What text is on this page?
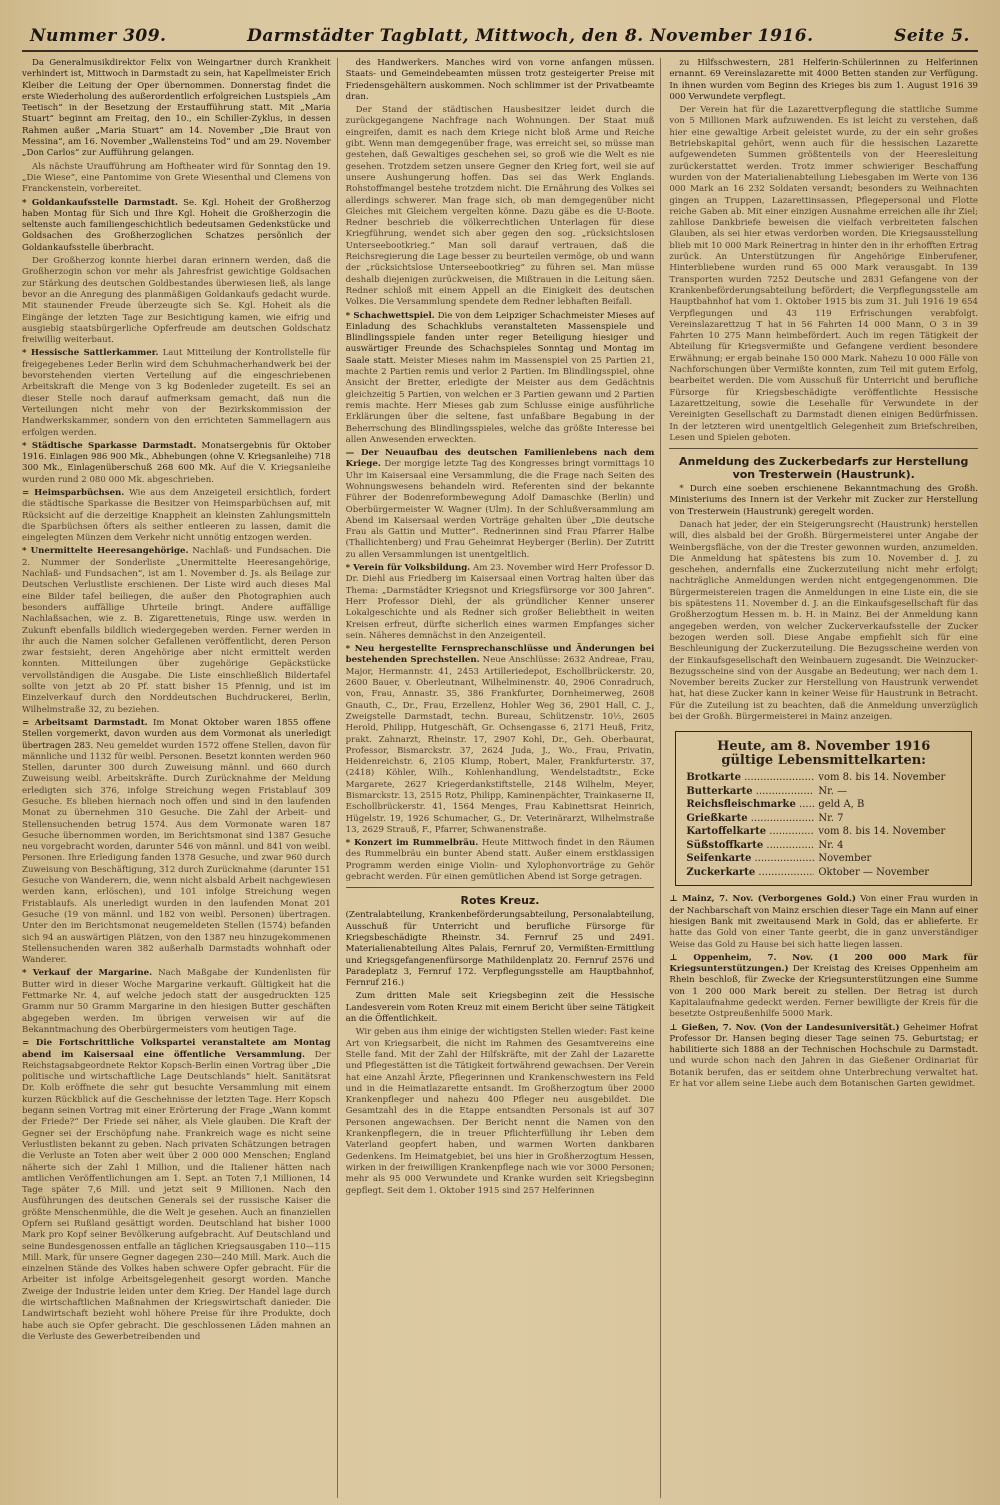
Nummer 309.	Darmstädter Tagblatt, Mittwoch, den 8. November 1916.	Seite 5.

Da Generalmusikdirektor Felix von Weingartner durch Krankheit verhindert ist, Mittwoch in Darmstadt zu sein, hat Kapellmeister Erich Kleiber die Leitung der Oper übernommen. Donnerstag findet die erste Wiederholung des außerordentlich erfolgreichen Lustspiels „Am Teetisch“ in der Besetzung der Erstaufführung statt. Mit „Maria Stuart“ beginnt am Freitag, den 10., ein Schiller-Zyklus, in dessen Rahmen außer „Maria Stuart“ am 14. November „Die Braut von Messina“, am 16. November „Wallensteins Tod“ und am 29. November „Don Carlos“ zur Aufführung gelangen.

Als nächste Uraufführung am Hoftheater wird für Sonntag den 19. „Die Wiese“, eine Pantomime von Grete Wiesenthal und Clemens von Franckenstein, vorbereitet.

* Goldankaufsstelle Darmstadt. Se. Kgl. Hoheit der Großherzog haben Montag für Sich und Ihre Kgl. Hoheit die Großherzogin die seltenste auch familiengeschichtlich bedeutsamen Gedenkstücke und Goldsachen des Großherzoglichen Schatzes persönlich der Goldankaufsstelle überbracht.

Der Großherzog konnte hierbei daran erinnern werden, daß die Großherzogin schon vor mehr als Jahresfrist gewichtige Goldsachen zur Stärkung des deutschen Goldbestandes überwiesen ließ, als lange bevor an die Anregung des planmäßigen Goldankaufs gedacht wurde. Mit staunender Freude überzeugte sich Se. Kgl. Hoheit als die Eingänge der letzten Tage zur Besichtigung kamen, wie eifrig und ausgiebig staatsbürgerliche Opferfreude am deutschen Goldschatz freiwillig weiterbaut.

* Hessische Sattlerkammer. Laut Mitteilung der Kontrollstelle für freigegebenes Leder Berlin wird dem Schuhmacherhandwerk bei der bevorstehenden vierten Verteilung auf die eingeschriebenen Arbeitskraft die Menge von 3 kg Bodenleder zugeteilt. Es sei an dieser Stelle noch darauf aufmerksam gemacht, daß nun die Verteilungen nicht mehr von der Bezirkskommission der Handwerkskammer, sondern von den errichteten Sammellagern aus erfolgen werden.

* Städtische Sparkasse Darmstadt. Monatsergebnis für Oktober 1916. Einlagen 986 900 Mk., Abhebungen (ohne V. Kriegsanleihe) 718 300 Mk., Einlagenüberschuß 268 600 Mk. Auf die V. Kriegsanleihe wurden rund 2 080 000 Mk. abgeschrieben.

= Heimsparbüchsen. Wie aus dem Anzeigeteil ersichtlich, fordert die städtische Sparkasse die Besitzer von Heimsparbüchsen auf, mit Rücksicht auf die derzeitige Knappheit an kleinsten Zahlungsmitteln die Sparbüchsen öfters als seither entleeren zu lassen, damit die eingelegten Münzen dem Verkehr nicht unnötig entzogen werden.

* Unermittelte Heeresangehörige. Nachlaß- und Fundsachen. Die 2. Nummer der Sonderliste „Unermittelte Heeresangehörige, Nachlaß- und Fundsachen“, ist am 1. November d. Js. als Beilage zur Deutschen Verlustliste erschienen. Der Liste wird auch dieses Mal eine Bilder tafel beiliegen, die außer den Photographien auch besonders auffällige Uhrteile bringt. Andere auffällige Nachlaßsachen, wie z. B. Zigarettenetuis, Ringe usw. werden in Zukunft ebenfalls bildlich wiedergegeben werden. Ferner werden in ihr auch die Namen solcher Gefallenen veröffentlicht, deren Person zwar festsieht, deren Angehörige aber nicht ermittelt werden konnten. Mitteilungen über zugehörige Gepäckstücke vervollständigen die Ausgabe. Die Liste einschließlich Bildertafel sollte von jetzt ab 20 Pf. statt bisher 15 Pfennig, und ist im Einzelverkauf durch den Norddeutschen Buchdruckerei, Berlin, Wilhelmstraße 32, zu beziehen.

= Arbeitsamt Darmstadt. Im Monat Oktober waren 1855 offene Stellen vorgemerkt, davon wurden aus dem Vormonat als unerledigt übertragen 283. Neu gemeldet wurden 1572 offene Stellen, davon für männliche und 1132 für weibl. Personen. Besetzt konnten werden 960 Stellen, darunter 300 durch Zuweisung männl. und 660 durch Zuweisung weibl. Arbeitskräfte. Durch Zurücknahme der Meldung erledigten sich 376, infolge Streichung wegen Fristablauf 309 Gesuche. Es blieben hiernach noch offen und sind in den laufenden Monat zu übernehmen 310 Gesuche. Die Zahl der Arbeit- und Stellensuchenden betrug 1574. Aus dem Vormonate waren 187 Gesuche übernommen worden, im Berichtsmonat sind 1387 Gesuche neu vorgebracht worden, darunter 546 von männl. und 841 von weibl. Personen. Ihre Erledigung fanden 1378 Gesuche, und zwar 960 durch Zuweisung von Beschäftigung, 312 durch Zurücknahme (darunter 151 Gesuche von Wanderern, die, wenn nicht alsbald Arbeit nachgewiesen werden kann, erlöschen), und 101 infolge Streichung wegen Fristablaufs. Als unerledigt wurden in den laufenden Monat 201 Gesuche (19 von männl. und 182 von weibl. Personen) übertragen. Unter den im Berichtsmonat neugemeldeten Stellen (1574) befanden sich 94 an auswärtigen Plätzen, von den 1387 neu hinzugekommenen Stellensuchenden waren 382 außerhalb Darmstadts wohnhaft oder Wanderer.

* Verkauf der Margarine. Nach Maßgabe der Kundenlisten für Butter wird in dieser Woche Margarine verkauft. Gültigkeit hat die Fettmarke Nr. 4, auf welche jedoch statt der ausgedruckten 125 Gramm nur 50 Gramm Margarine in den hiesigen Butter geschäften abgegeben werden. Im übrigen verweisen wir auf die Bekanntmachung des Oberbürgermeisters vom heutigen Tage.

= Die Fortschrittliche Volkspartei veranstaltete am Montag abend im Kaisersaal eine öffentliche Versammlung. Der Reichstagsabgeordnete Rektor Kopsch-Berlin einen Vortrag über „Die politische und wirtschaftliche Lage Deutschlands“ hielt. Sanitätsrat Dr. Kolb eröffnete die sehr gut besuchte Versammlung mit einem kurzen Rückblick auf die Geschehnisse der letzten Tage. Herr Kopsch begann seinen Vortrag mit einer Erörterung der Frage „Wann kommt der Friede?“ Der Friede sei näher, als Viele glauben. Die Kraft der Gegner sei der Erschöpfung nahe. Frankreich wage es nicht seine Verlustlisten bekannt zu geben. Nach privaten Schätzungen betragen die Verluste an Toten aber weit über 2 000 000 Menschen; England näherte sich der Zahl 1 Million, und die Italiener hätten nach amtlichen Veröffentlichungen am 1. Sept. an Toten 7,1 Millionen, 14 Tage später 7,6 Mill. und jetzt seit 9 Millionen. Nach den Ausführungen des deutschen Generals sei der russische Kaiser die größte Menschenmühle, die die Welt je gesehen. Auch an finanziellen Opfern sei Rußland gesättigt worden. Deutschland hat bisher 1000 Mark pro Kopf seiner Bevölkerung aufgebracht. Auf Deutschland und seine Bundesgenossen entfalle an täglichen Kriegsausgaben 110—115 Mill. Mark, für unsere Gegner dagegen 230—240 Mill. Mark. Auch die einzelnen Stände des Volkes haben schwere Opfer gebracht. Für die Arbeiter ist infolge Arbeitsgelegenheit gesorgt worden. Manche Zweige der Industrie leiden unter dem Krieg. Der Handel lage durch die wirtschaftlichen Maßnahmen der Kriegswirtschaft danieder. Die Landwirtschaft bezieht wohl höhere Preise für ihre Produkte, doch habe auch sie Opfer gebracht. Die geschlossenen Läden mahnen an die Verluste des Gewerbetreibenden und

des Handwerkers. Manches wird von vorne anfangen müssen. Staats- und Gemeindebeamten müssen trotz gesteigerter Preise mit Friedensgehältern auskommen. Noch schlimmer ist der Privatbeamte dran.

Der Stand der städtischen Hausbesitzer leidet durch die zurückgegangene Nachfrage nach Wohnungen. Der Staat muß eingreifen, damit es nach dem Kriege nicht bloß Arme und Reiche gibt. Wenn man demgegenüber frage, was erreicht sei, so müsse man gestehen, daß Gewaltiges geschehen sei, so groß wie die Welt es nie gesehen. Trotzdem setzen unsere Gegner den Krieg fort, weil sie auf unsere Aushungerung hoffen. Das sei das Werk Englands. Rohstoffmangel bestehe trotzdem nicht. Die Ernährung des Volkes sei allerdings schwerer. Man frage sich, ob man demgegenüber nicht Gleiches mit Gleichem vergelten könne. Dazu gäbe es die U-Boote. Redner beschrieb die völkerrechtlichen Unterlagen für diese Kriegführung, wendet sich aber gegen den sog. „rücksichtslosen Unterseebootkrieg.“ Man soll darauf vertrauen, daß die Reichsregierung die Lage besser zu beurteilen vermöge, ob und wann der „rücksichtslose Unterseebootkrieg“ zu führen sei. Man müsse deshalb diejenigen zurückweisen, die Mißtrauen in die Leitung säen. Redner schloß mit einem Appell an die Einigkeit des deutschen Volkes. Die Versammlung spendete dem Redner lebhaften Beifall.

* Schachwettspiel. Die von dem Leipziger Schachmeister Mieses auf Einladung des Schachklubs veranstalteten Massenspiele und Blindlingsspiele fanden unter reger Beteiligung hiesiger und auswärtiger Freunde des Schachspieles Sonntag und Montag im Saale statt. Meister Mieses nahm im Massenspiel von 25 Partien 21, machte 2 Partien remis und verlor 2 Partien. Im Blindlingsspiel, ohne Ansicht der Bretter, erledigte der Meister aus dem Gedächtnis gleichzeitig 5 Partien, von welchen er 3 Partien gewann und 2 Partien remis machte. Herr Mieses gab zum Schlusse einige ausführliche Erklärungen über die seltene, fast unfaßbare Begabung in der Beherrschung des Blindlingsspieles, welche das größte Interesse bei allen Anwesenden erweckten.

— Der Neuaufbau des deutschen Familienlebens nach dem Kriege. Der morgige letzte Tag des Kongresses bringt vormittags 10 Uhr im Kaisersaal eine Versammlung, die die Frage nach Seiten des Wohnungswesens behandeln wird. Referenten sind der bekannte Führer der Bodenreformbewegung Adolf Damaschke (Berlin) und Oberbürgermeister W. Wagner (Ulm). In der Schlußversammlung am Abend im Kaisersaal werden Vorträge gehalten über „Die deutsche Frau als Gattin und Mutter“. Rednerinnen sind Frau Pfarrer Halbe (Thallichtenberg) und Frau Geheimrat Heyberger (Berlin). Der Zutritt zu allen Versammlungen ist unentgeltlich.

* Verein für Volksbildung. Am 23. November wird Herr Professor D. Dr. Diehl aus Friedberg im Kaisersaal einen Vortrag halten über das Thema: „Darmstädter Kriegsnot und Kriegsfürsorge vor 300 Jahren“. Herr Professor Diehl, der als gründlicher Kenner unserer Lokalgeschichte und als Redner sich großer Beliebtheit in weiten Kreisen erfreut, dürfte sicherlich eines warmen Empfanges sicher sein. Näheres demnächst in den Anzeigenteil.

* Neu hergestellte Fernsprechanschlüsse und Änderungen bei bestehenden Sprechstellen. Neue Anschlüsse: 2632 Andreae, Frau, Major, Hermannstr. 41, 2453 Artilleriedepot, Eschollbrückerstr. 20, 2600 Bauer, v. Oberleutnant, Wilhelminenstr. 40, 2906 Conradruch, von, Frau, Annastr. 35, 386 Frankfurter, Dornheimerweg, 2608 Gnauth, C., Dr., Frau, Erzellenz, Hohler Weg 36, 2901 Hall, C. J., Zweigstelle Darmstadt, techn. Bureau, Schützenstr. 10½, 2605 Herold, Philipp, Hutgeschäft, Gr. Ochsengasse 6, 2171 Heuß, Fritz, prakt. Zahnarzt, Rheinstr. 17, 2907 Kohl, Dr., Geh. Oberbaurat, Professor, Bismarckstr. 37, 2624 Juda, J., Wo., Frau, Privatin, Heidenreichstr. 6, 2105 Klump, Robert, Maler, Frankfurterstr. 37, (2418) Köhler, Wilh., Kohlenhandlung, Wendelstadtstr., Ecke Margarete, 2627 Kriegerdankstiftstelle, 2148 Wilhelm, Meyer, Bismarckstr. 13, 2515 Rotz, Philipp, Kaminenpächter, Trainkaserne II, Eschollbrückerstr. 41, 1564 Menges, Frau Kabinettsrat Heinrich, Hügelstr. 19, 1926 Schumacher, G., Dr. Veterinärarzt, Wilhelmstraße 13, 2629 Strauß, F., Pfarrer, Schwanenstraße.

* Konzert im Rummelbräu. Heute Mittwoch findet in den Räumen des Rummelbräu ein bunter Abend statt. Außer einem erstklassigen Programm werden einige Violin- und Xylophonvorträge zu Gehör gebracht werden. Für einen gemütlichen Abend ist Sorge getragen.

Rotes Kreuz.

(Zentralabteilung, Krankenbeförderungsabteilung, Personalabteilung, Ausschuß für Unterricht und berufliche Fürsorge für Kriegsbeschädigte Rheinstr. 34. Fernruf 25 und 2491. Materialienabteilung Altes Palais, Fernruf 20, Vermißten-Ermittlung und Kriegsgefangenenfürsorge Mathildenplatz 20. Fernruf 2576 und Paradeplatz 3, Fernruf 172. Verpflegungsstelle am Hauptbahnhof, Fernruf 216.)

Zum dritten Male seit Kriegsbeginn zeit die Hessische Landesverein vom Roten Kreuz mit einem Bericht über seine Tätigkeit an die Öffentlichkeit.

Wir geben aus ihm einige der wichtigsten Stellen wieder: Fast keine Art von Kriegsarbeit, die nicht im Rahmen des Gesamtvereins eine Stelle fand. Mit der Zahl der Hilfskräfte, mit der Zahl der Lazarette und Pflegestätten ist die Tätigkeit fortwährend gewachsen. Der Verein hat eine Anzahl Ärzte, Pflegerinnen und Krankenschwestern ins Feld und in die Heimatlazarette entsandt. Im Großherzogtum über 2000 Krankenpfleger und nahezu 400 Pfleger neu ausgebildet. Die Gesamtzahl des in die Etappe entsandten Personals ist auf 307 Personen angewachsen. Der Bericht nennt die Namen von den Krankenpflegern, die in treuer Pflichterfüllung ihr Leben dem Vaterland geopfert haben, und warmen Worten dankbaren Gedenkens. Im Heimatgebiet, bei uns hier in Großherzogtum Hessen, wirken in der freiwilligen Krankenpflege nach wie vor 3000 Personen; mehr als 95 000 Verwundete und Kranke wurden seit Kriegsbeginn gepflegt. Seit dem 1. Oktober 1915 sind 257 Helferinnen

zu Hilfsschwestern, 281 Helferin-Schülerinnen zu Helferinnen ernannt. 69 Vereinslazarette mit 4000 Betten standen zur Verfügung. In ihnen wurden vom Beginn des Krieges bis zum 1. August 1916 39 000 Verwundete verpflegt.

Der Verein hat für die Lazarettverpflegung die stattliche Summe von 5 Millionen Mark aufzuwenden. Es ist leicht zu verstehen, daß hier eine gewaltige Arbeit geleistet wurde, zu der ein sehr großes Betriebskapital gehört, wenn auch für die hessischen Lazarette aufgewendeten Summen größtenteils von der Heeresleitung zurückerstattet werden. Trotz immer schwieriger Beschaffung wurden von der Materialienabteilung Liebesgaben im Werte von 136 000 Mark an 16 232 Soldaten versandt; besonders zu Weihnachten gingen an Truppen, Lazarettinsassen, Pflegepersonal und Flotte reiche Gaben ab. Mit einer einzigen Ausnahme erreichen alle ihr Ziel; zahllose Dankbriefe beweisen die vielfach verbreiteten falschen Glauben, als sei hier etwas verdorben worden. Die Kriegsausstellung blieb mit 10 000 Mark Reinertrag in hinter den in ihr erhofften Ertrag zurück. An Unterstützungen für Angehörige Einberufener, Hinterbliebene wurden rund 65 000 Mark verausgabt. In 139 Transporten wurden 7252 Deutsche und 2831 Gefangene von der Krankenbeförderungsabteilung befördert; die Verpflegungsstelle am Hauptbahnhof hat vom 1. Oktober 1915 bis zum 31. Juli 1916 19 654 Verpflegungen und 43 119 Erfrischungen verabfolgt. Vereinslazarettzug T hat in 56 Fahrten 14 000 Mann, O 3 in 39 Fahrten 10 275 Mann heimbefördert. Auch im regen Tätigkeit der Abteilung für Kriegsvermißte und Gefangene verdient besondere Erwähnung; er ergab beinahe 150 000 Mark. Nahezu 10 000 Fälle von Nachforschungen über Vermißte konnten, zum Teil mit gutem Erfolg, bearbeitet werden. Die vom Ausschuß für Unterricht und berufliche Fürsorge für Kriegsbeschädigte veröffentlichte Hessische Lazarettzeitung, sowie die Lesehalle für Verwundete in der Vereinigten Gesellschaft zu Darmstadt dienen einigen Bedürfnissen. In der letzteren wird unentgeltlich Gelegenheit zum Briefschreiben, Lesen und Spielen geboten.

Anmeldung des Zuckerbedarfs zur Herstellung von Tresterwein (Haustrunk).

* Durch eine soeben erschienene Bekanntmachung des Großh. Ministeriums des Innern ist der Verkehr mit Zucker zur Herstellung von Tresterwein (Haustrunk) geregelt worden.

Danach hat jeder, der ein Steigerungsrecht (Haustrunk) herstellen will, dies alsbald bei der Großh. Bürgermeisterei unter Angabe der Weinbergsfläche, von der die Trester gewonnen wurden, anzumelden. Die Anmeldung hat spätestens bis zum 10. November d. J. zu geschehen, andernfalls eine Zuckerzuteilung nicht mehr erfolgt; nachträgliche Anmeldungen werden nicht entgegengenommen. Die Bürgermeistereien tragen die Anmeldungen in eine Liste ein, die sie bis spätestens 11. November d. J. an die Einkaufsgesellschaft für das Großherzogtum Hessen m. b. H. in Mainz. Bei der Anmeldung kann angegeben werden, von welcher Zuckerverkaufsstelle der Zucker bezogen werden soll. Diese Angabe empfiehlt sich für eine Beschleunigung der Zuckerzuteilung. Die Bezugsscheine werden von der Einkaufsgesellschaft den Weinbauern zugesandt. Die Weinzucker-Bezugsscheine sind von der Ausgabe an Bedeutung; wer nach dem 1. November bereits Zucker zur Herstellung von Haustrunk verwendet hat, hat diese Zucker kann in keiner Weise für Haustrunk in Betracht. Für die Zuteilung ist zu beachten, daß die Anmeldung unverzüglich bei der Großh. Bürgermeisterei in Mainz anzeigen.

Heute, am 8. November 1916
gültige Lebensmittelkarten:
Brotkarte .....	vom 8. bis 14. November
Butterkarte .....	Nr. —
Reichsfleischmarke .....	geld A, B
Grießkarte .....	Nr. 7
Kartoffelkarte .....	vom 8. bis 14. November
Süßstoffkarte .....	Nr. 4
Seifenkarte .....	November
Zuckerkarte .....	Oktober — November

⊥ Mainz, 7. Nov. (Verborgenes Gold.) Von einer Frau wurden in der Nachbarschaft von Mainz erschien dieser Tage ein Mann auf einer hiesigen Bank mit zweitausend Mark in Gold, das er ablieferte. Er hatte das Gold von einer Tante geerbt, die in ganz unverständiger Weise das Gold zu Hause bei sich hatte liegen lassen.

⊥ Oppenheim, 7. Nov. (1 200 000 Mark für Kriegsunterstützungen.) Der Kreistag des Kreises Oppenheim am Rhein beschloß, für Zwecke der Kriegsunterstützungen eine Summe von 1 200 000 Mark bereit zu stellen. Der Betrag ist durch Kapitalaufnahme gedeckt werden. Ferner bewilligte der Kreis für die besetzte Ostpreußenhilfe 5000 Mark.

⊥ Gießen, 7. Nov. (Von der Landesuniversität.) Geheimer Hofrat Professor Dr. Hansen beging dieser Tage seinen 75. Geburtstag; er habilitierte sich 1888 an der Technischen Hochschule zu Darmstadt. und wurde schon nach den Jahren in das Gießener Ordinariat für Botanik berufen, das er seitdem ohne Unterbrechung verwaltet hat. Er hat vor allem seine Liebe auch dem Botanischen Garten gewidmet.
